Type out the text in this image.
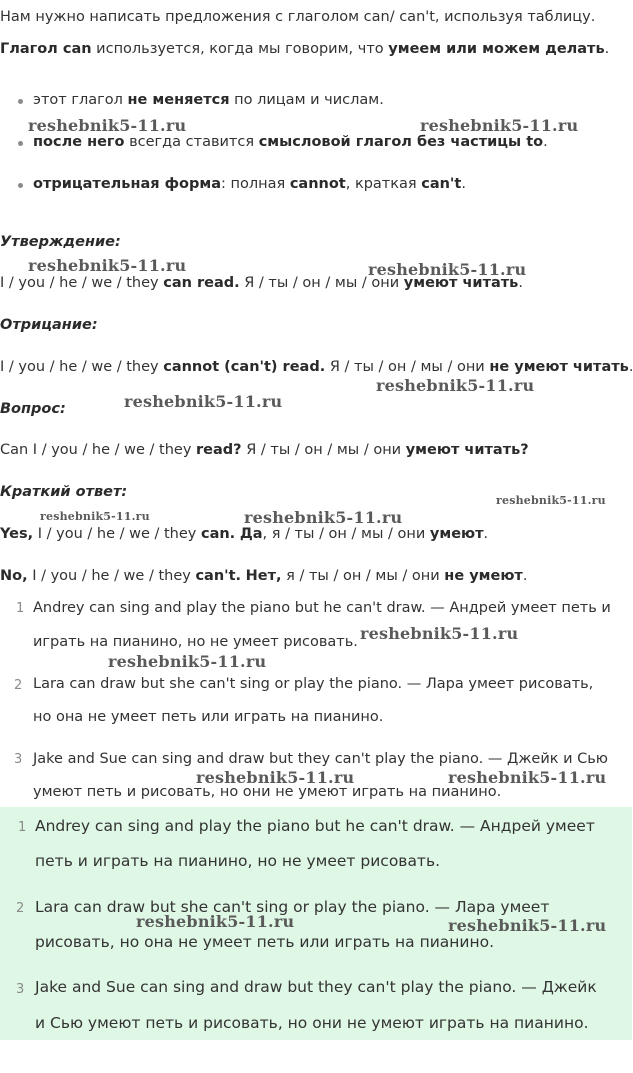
Нам нужно написать предложения с глаголом can/ can't, используя таблицу.
Глагол can используется, когда мы говорим, что умеем или можем делать.
этот глагол не меняется по лицам и числам.
после него всегда ставится смысловой глагол без частицы to.
отрицательная форма: полная cannot, краткая can't.
Утверждение:
I / you / he / we / they can read. Я / ты / он / мы / они умеют читать.
Отрицание:
I / you / he / we / they cannot (can't) read. Я / ты / он / мы / они не умеют читать.
Вопрос:
Can I / you / he / we / they read? Я / ты / он / мы / они умеют читать?
Краткий ответ:
Yes, I / you / he / we / they can. Да, я / ты / он / мы / они умеют.
No, I / you / he / we / they can't. Нет, я / ты / он / мы / они не умеют.
1 Andrey can sing and play the piano but he can't draw. — Андрей умеет петь и
играть на пианино, но не умеет рисовать.
2 Lara can draw but she can't sing or play the piano. — Лара умеет рисовать,
но она не умеет петь или играть на пианино.
3 Jake and Sue can sing and draw but they can't play the piano. — Джейк и Сью
умеют петь и рисовать, но они не умеют играть на пианино.
1 Andrey can sing and play the piano but he can't draw. — Андрей умеет
петь и играть на пианино, но не умеет рисовать.
2 Lara can draw but she can't sing or play the piano. — Лара умеет
рисовать, но она не умеет петь или играть на пианино.
3 Jake and Sue can sing and draw but they can't play the piano. — Джейк
и Сью умеют петь и рисовать, но они не умеют играть на пианино.
reshebnik5-11.ru	reshebnik5-11.ru
reshebnik5-11.ru	reshebnik5-11.ru
reshebnik5-11.ru
reshebnik5-11.ru
reshebnik5-11.ru
reshebnik5-11.ru	reshebnik5-11.ru
reshebnik5-11.ru
reshebnik5-11.ru
reshebnik5-11.ru	reshebnik5-11.ru
reshebnik5-11.ru	reshebnik5-11.ru
